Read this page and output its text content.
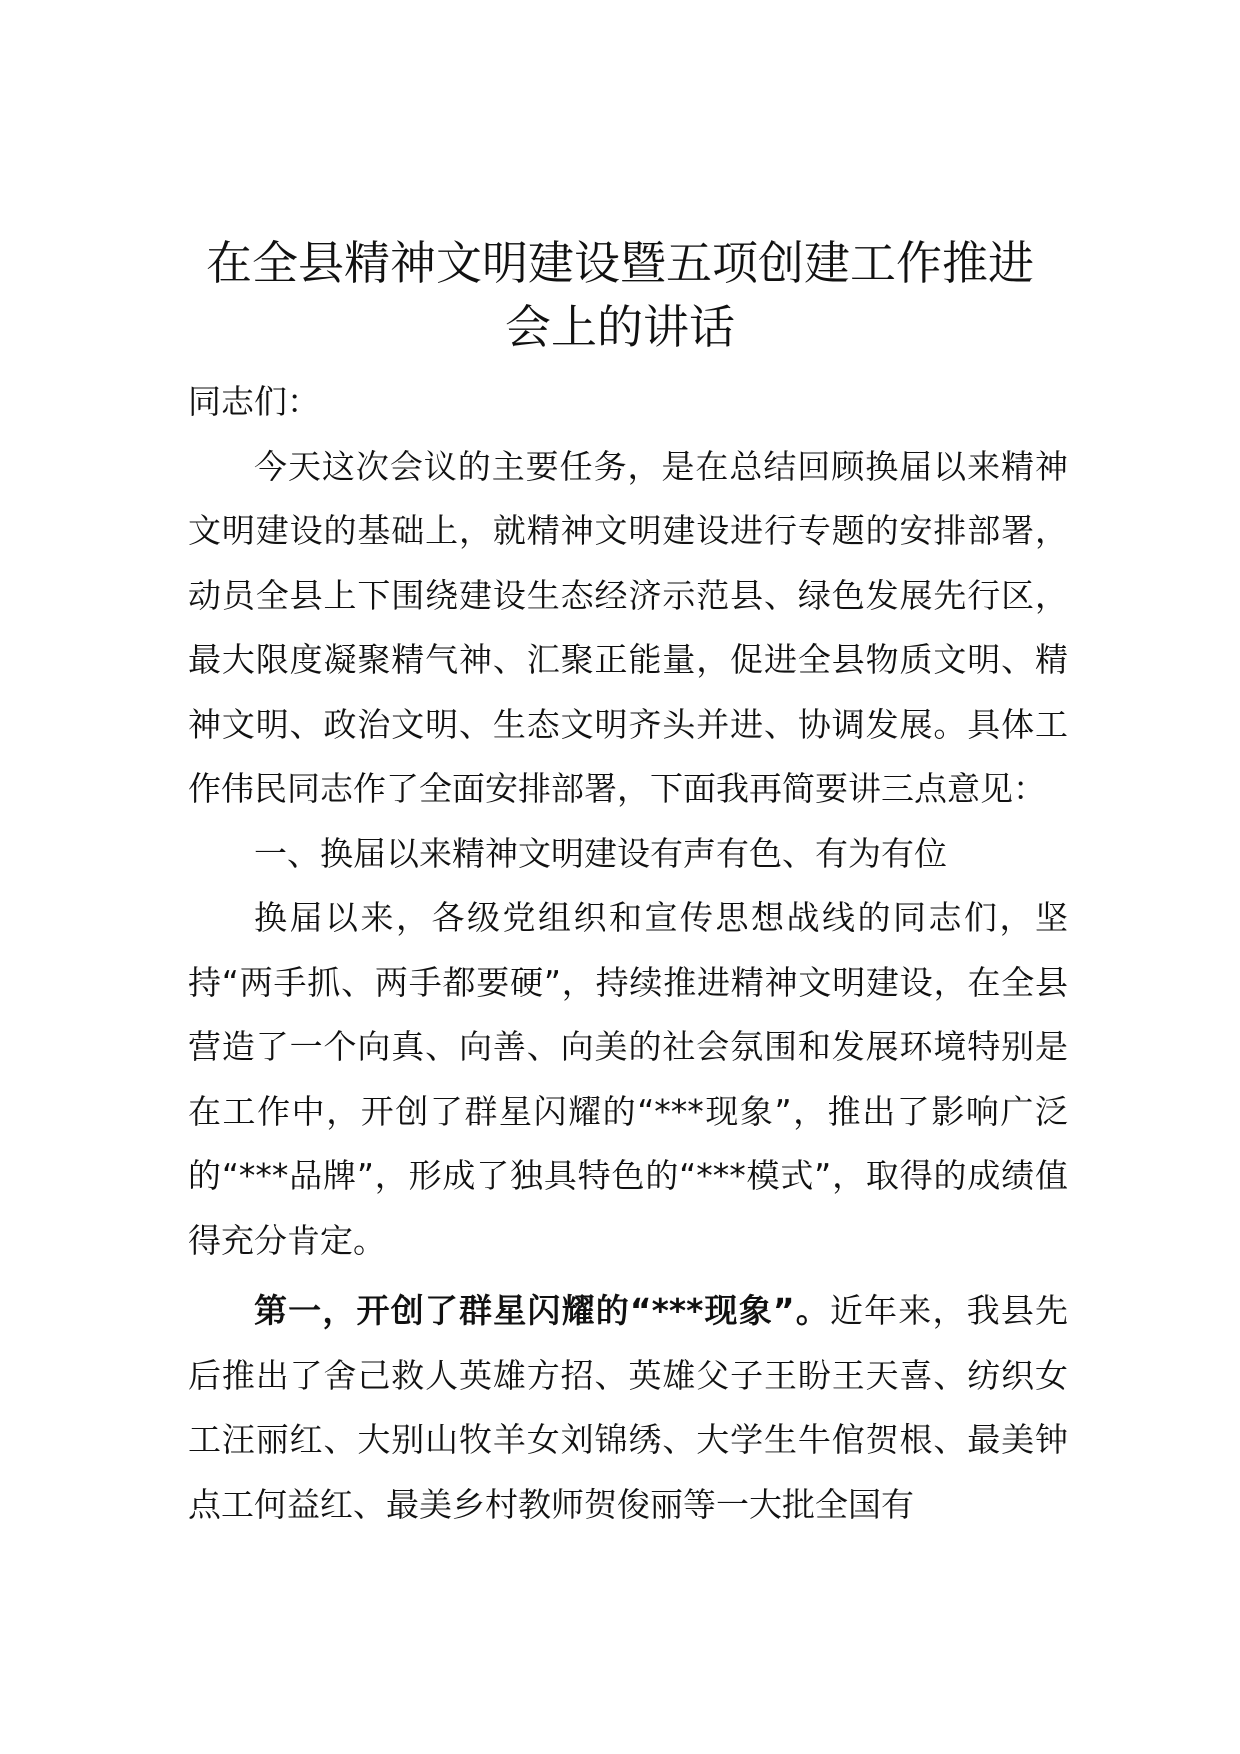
在全县精神文明建设暨五项创建工作推进
会上的讲话

同志们：

今天这次会议的主要任务，是在总结回顾换届以来精神文明建设的基础上，就精神文明建设进行专题的安排部署，动员全县上下围绕建设生态经济示范县、绿色发展先行区，最大限度凝聚精气神、汇聚正能量，促进全县物质文明、精神文明、政治文明、生态文明齐头并进、协调发展。具体工作伟民同志作了全面安排部署，下面我再简要讲三点意见：

一、换届以来精神文明建设有声有色、有为有位

换届以来，各级党组织和宣传思想战线的同志们，坚持“两手抓、两手都要硬”，持续推进精神文明建设，在全县营造了一个向真、向善、向美的社会氛围和发展环境特别是在工作中，开创了群星闪耀的“***现象”，推出了影响广泛的“***品牌”，形成了独具特色的“***模式”，取得的成绩值得充分肯定。

第一，开创了群星闪耀的“***现象”。近年来，我县先后推出了舍己救人英雄方招、英雄父子王盼王天喜、纺织女工汪丽红、大别山牧羊女刘锦绣、大学生牛倌贺根、最美钟点工何益红、最美乡村教师贺俊丽等一大批全国有
